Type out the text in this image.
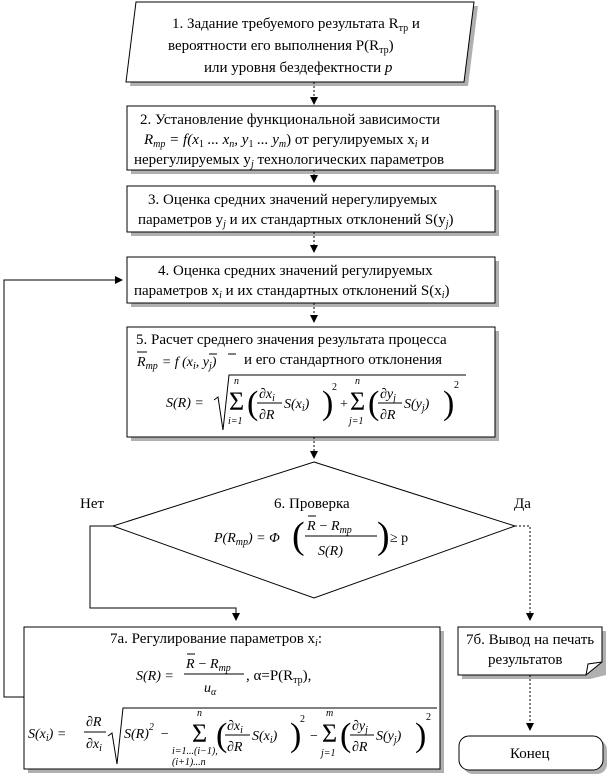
1. Задание требуемого результата $R_{тр}$ и
вероятности его выполнения $P(R_{тр})$
или уровня бездефектности p
2. Установление функциональной зависимости
$R_{тр} = f(x_1$ ... $x_n$, $y_1$ ... $y_m$) от регулируемых $x_i$ и
нерегулируемых $y_j$ технологических параметров
3. Оценка средних значений нерегулируемых
параметров $y_j$ и их стандартных отклонений $S(y_j)$
4. Оценка средних значений регулируемых
параметров $x_i$ и их стандартных отклонений $S(x_i)$
5. Расчет среднего значения результата процесса
$R_{тр} = f$ ($x_i$, $y_j$) и его стандартного отклонения
S(R) = Σ
n
i=1 ( $\partial x_i$
∂R
$S(x_i)$ )
2
+ Σ
n
j=1 ( $\partial y_j$
∂R
$S(y_j)$ ) 2
6. Проверка
$P(R_{тр}) = \Phi$ ( $R - R_{тр}$
S(R) ) ≥ p
Нет	Да
7а. Регулирование параметров $x_i$:
S(R) =
$R - R_{тр}$
$u_\alpha$
, $\alpha=P(R_{тр})$,
$S(x_i)$ =
∂R
$\partial x_i$
$S(R)^2 - \Sigma$
n
i=1...(i−1),
(i+1)...n
( $\partial x_i$
∂R
$S(x_i)$ )
2
− Σ
m
j=1 ( $\partial y_j$
∂R
$S(y_j)$ ) 2
7б. Вывод на печать
результатов
Конец
